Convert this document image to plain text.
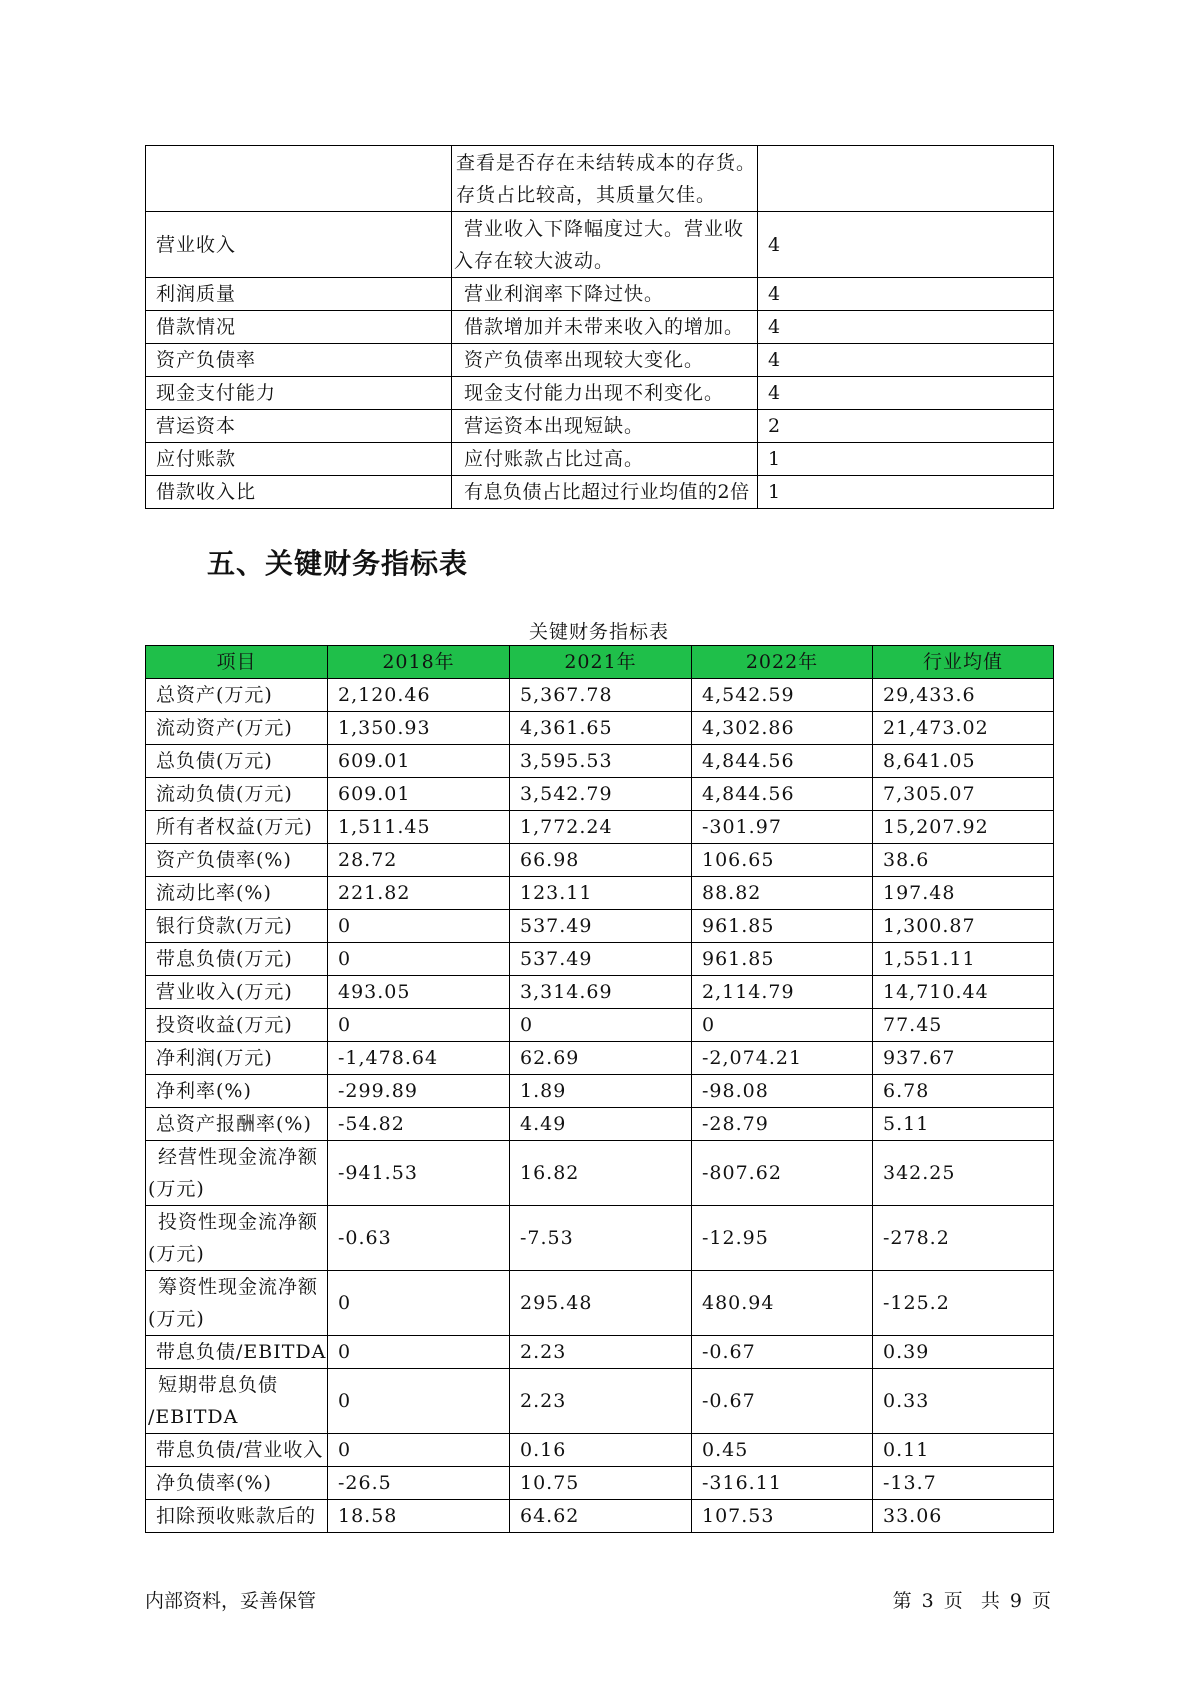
	查看是否存在未结转成本的存货。存货占比较高，其质量欠佳。	
营业收入	营业收入下降幅度过大。营业收入存在较大波动。	4
利润质量	营业利润率下降过快。	4
借款情况	借款增加并未带来收入的增加。	4
资产负债率	资产负债率出现较大变化。	4
现金支付能力	现金支付能力出现不利变化。	4
营运资本	营运资本出现短缺。	2
应付账款	应付账款占比过高。	1
借款收入比	有息负债占比超过行业均值的2倍	1
五、关键财务指标表
关键财务指标表
项目	2018年	2021年	2022年	行业均值
总资产(万元)	2,120.46	5,367.78	4,542.59	29,433.6
流动资产(万元)	1,350.93	4,361.65	4,302.86	21,473.02
总负债(万元)	609.01	3,595.53	4,844.56	8,641.05
流动负债(万元)	609.01	3,542.79	4,844.56	7,305.07
所有者权益(万元)	1,511.45	1,772.24	-301.97	15,207.92
资产负债率(%)	28.72	66.98	106.65	38.6
流动比率(%)	221.82	123.11	88.82	197.48
银行贷款(万元)	0	537.49	961.85	1,300.87
带息负债(万元)	0	537.49	961.85	1,551.11
营业收入(万元)	493.05	3,314.69	2,114.79	14,710.44
投资收益(万元)	0	0	0	77.45
净利润(万元)	-1,478.64	62.69	-2,074.21	937.67
净利率(%)	-299.89	1.89	-98.08	6.78
总资产报酬率(%)	-54.82	4.49	-28.79	5.11

经营性现金流净额
(万元)	-941.53	16.82	-807.62	342.25

投资性现金流净额
(万元)	-0.63	-7.53	-12.95	-278.2

筹资性现金流净额
(万元)	0	295.48	480.94	-125.2
带息负债/EBITDA	0	2.23	-0.67	0.39

短期带息负债
/EBITDA	0	2.23	-0.67	0.33
带息负债/营业收入	0	0.16	0.45	0.11
净负债率(%)	-26.5	10.75	-316.11	-13.7
扣除预收账款后的	18.58	64.62	107.53	33.06
内部资料，妥善保管	第 3 页  共 9 页
